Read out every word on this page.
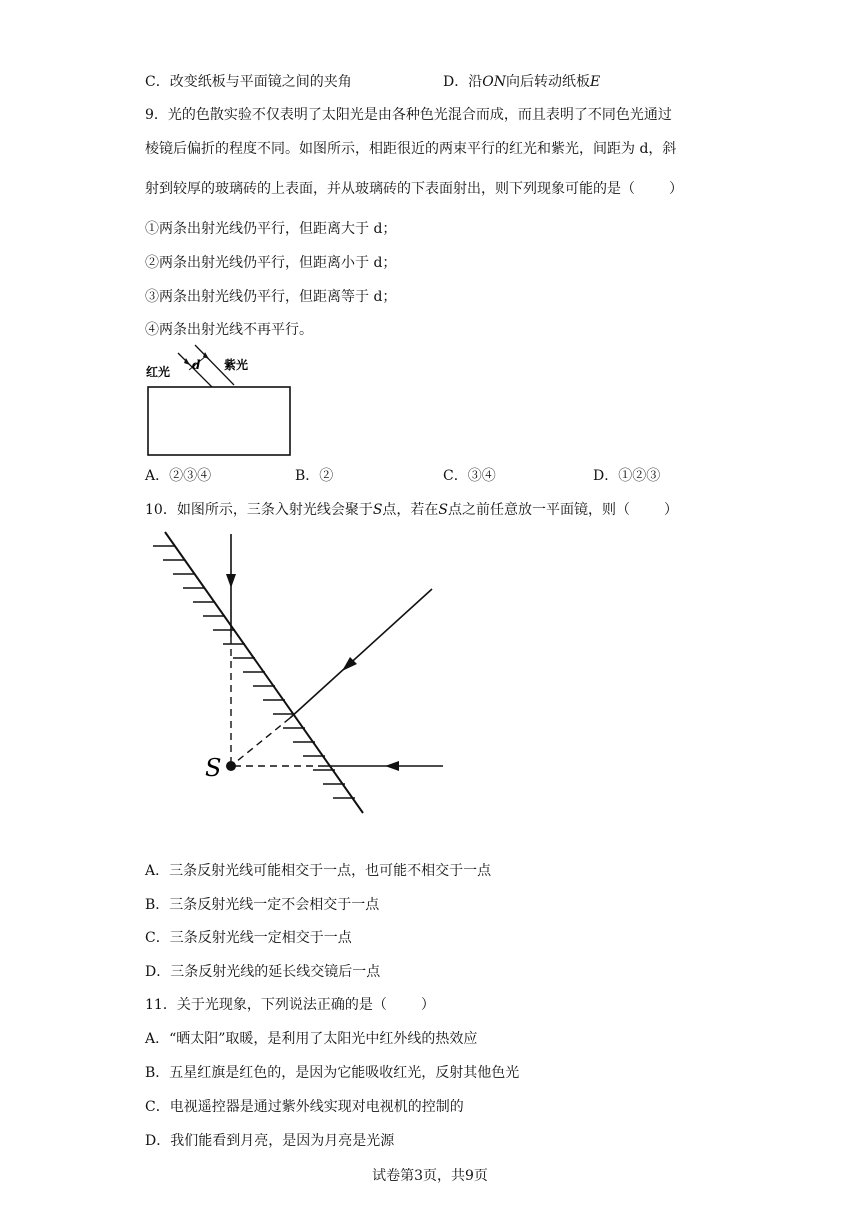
C．改变纸板与平面镜之间的夹角	D．沿ON向后转动纸板E
9．光的色散实验不仅表明了太阳光是由各种色光混合而成，而且表明了不同色光通过
棱镜后偏折的程度不同。如图所示，相距很近的两束平行的红光和紫光，间距为 d，斜
射到较厚的玻璃砖的上表面，并从玻璃砖的下表面射出，则下列现象可能的是（ ）
①两条出射光线仍平行，但距离大于 d；
②两条出射光线仍平行，但距离小于 d；
③两条出射光线仍平行，但距离等于 d；
④两条出射光线不再平行。
红光 d 紫光
A．②③④	B．②	C．③④	D．①②③
10．如图所示，三条入射光线会聚于S点，若在S点之前任意放一平面镜，则（ ）
S
A．三条反射光线可能相交于一点，也可能不相交于一点
B．三条反射光线一定不会相交于一点
C．三条反射光线一定相交于一点
D．三条反射光线的延长线交镜后一点
11．关于光现象，下列说法正确的是（ ）
A．“晒太阳”取暖，是利用了太阳光中红外线的热效应
B．五星红旗是红色的，是因为它能吸收红光，反射其他色光
C．电视遥控器是通过紫外线实现对电视机的控制的
D．我们能看到月亮，是因为月亮是光源
试卷第3页，共9页
